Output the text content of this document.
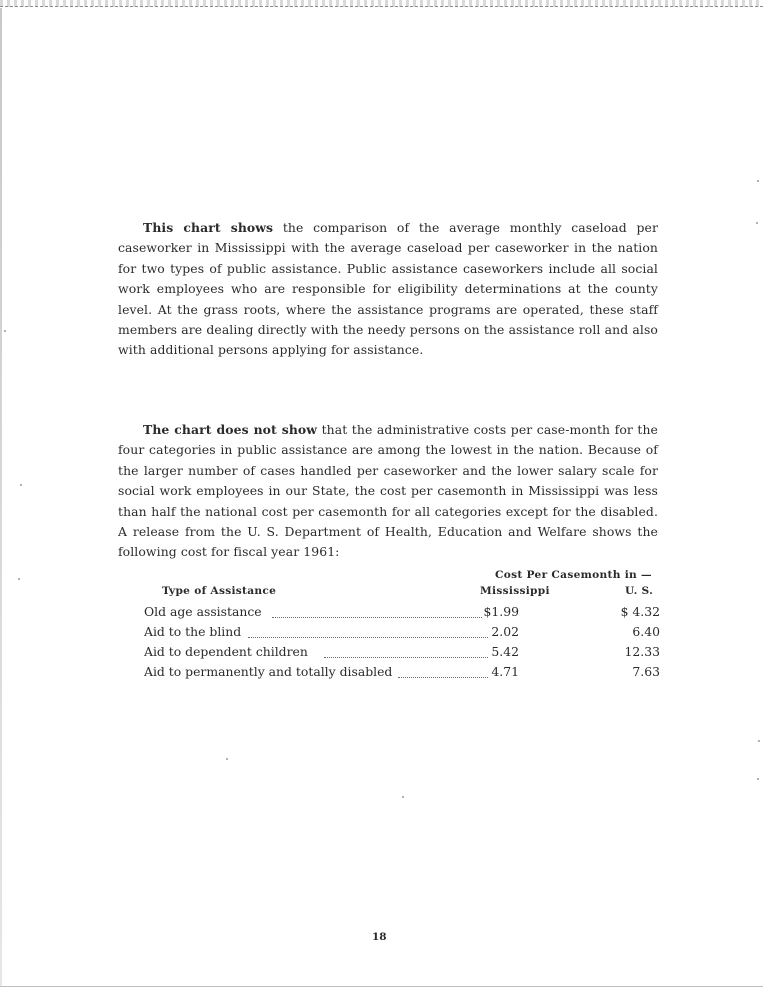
This chart shows the comparison of the average monthly caseload per caseworker in Mississippi with the average caseload per caseworker in the nation for two types of public assistance. Public assistance caseworkers include all social work employees who are responsible for eligibility determinations at the county level. At the grass roots, where the assistance programs are operated, these staff members are dealing directly with the needy persons on the assistance roll and also with additional persons applying for assistance.

The chart does not show that the administrative costs per case-month for the four categories in public assistance are among the lowest in the nation. Because of the larger number of cases handled per caseworker and the lower salary scale for social work employees in our State, the cost per casemonth in Mississippi was less than half the national cost per casemonth for all categories except for the disabled. A release from the U. S. Department of Health, Education and Welfare shows the following cost for fiscal year 1961:

Cost Per Casemonth in —
Type of Assistance	Mississippi	U. S.
Old age assistance	$1.99	$ 4.32
Aid to the blind	2.02	6.40
Aid to dependent children	5.42	12.33
Aid to permanently and totally disabled	4.71	7.63
18
